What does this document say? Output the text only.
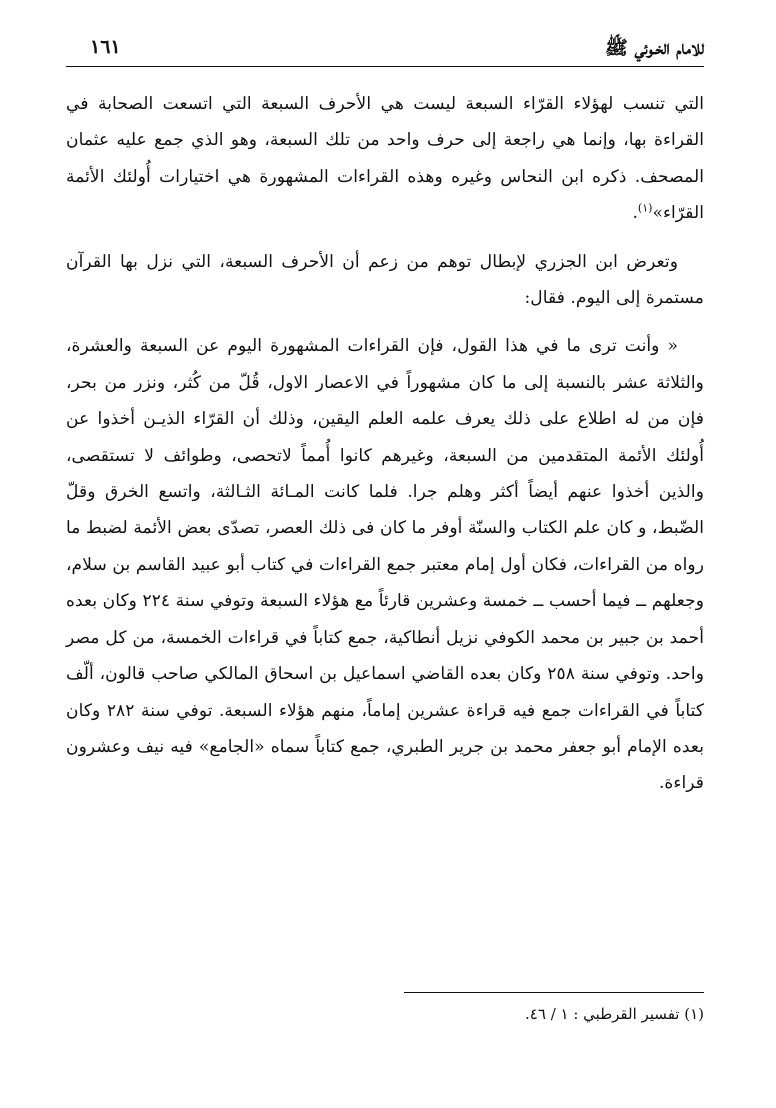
للامام الخـوئي ﷺ
١٦١

التي تنسب لهؤلاء القرّاء السبعة ليست هي الأحرف السبعة التي اتسعت الصحابة في القراءة بها، وإنما هي راجعة إلى حرف واحد من تلك السبعة، وهو الذي جمع عليه عثمان المصحف. ذكره ابن النحاس وغيره وهذه القراءات المشهورة هي اختيارات أُولئك الأئمة القرّاء»$^{(١)}$.

وتعرض ابن الجزري لإبطال توهم من زعم أن الأحرف السبعة، التي نزل بها القرآن مستمرة إلى اليوم. فقال:

« وأنت ترى ما في هذا القول، فإن القراءات المشهورة اليوم عن السبعة والعشرة، والثلاثة عشر بالنسبة إلى ما كان مشهوراً في الاعصار الاول، قُلّ من كُثر، ونزر من بحر، فإن من له اطلاع على ذلك يعرف علمه العلم اليقين، وذلك أن القرّاء الذيـن أخذوا عن أُولئك الأئمة المتقدمين من السبعة، وغيرهم كانوا أُمماً لاتحصى، وطوائف لا تستقصى، والذين أخذوا عنهم أيضاً أكثر وهلم جرا. فلما كانت المـائة الثـالثة، واتسع الخرق وقلّ الضّبط، و كان علم الكتاب والسنّة أوفر ما كان فى ذلك العصر، تصدّى بعض الأئمة لضبط ما رواه من القراءات، فكان أول إمام معتبر جمع القراءات في كتاب أبو عبيد القاسم بن سلام، وجعلهم ــ فيما أحسب ــ خمسة وعشرين قارئاً مع هؤلاء السبعة وتوفي سنة ٢٢٤ وكان بعده أحمد بن جبير بن محمد الكوفي نزيل أنطاكية، جمع كتاباً في قراءات الخمسة، من كل مصر واحد. وتوفي سنة ٢٥٨ وكان بعده القاضي اسماعيل بن اسحاق المالكي صاحب قالون، ألّف كتاباً في القراءات جمع فيه قراءة عشرين إماماً، منهم هؤلاء السبعة. توفي سنة ٢٨٢ وكان بعده الإمام أبو جعفر محمد بن جرير الطبري، جمع كتاباً سماه «الجامع» فيه نيف وعشرون قراءة.

(١) تفسير القرطبي : ١ / ٤٦.
